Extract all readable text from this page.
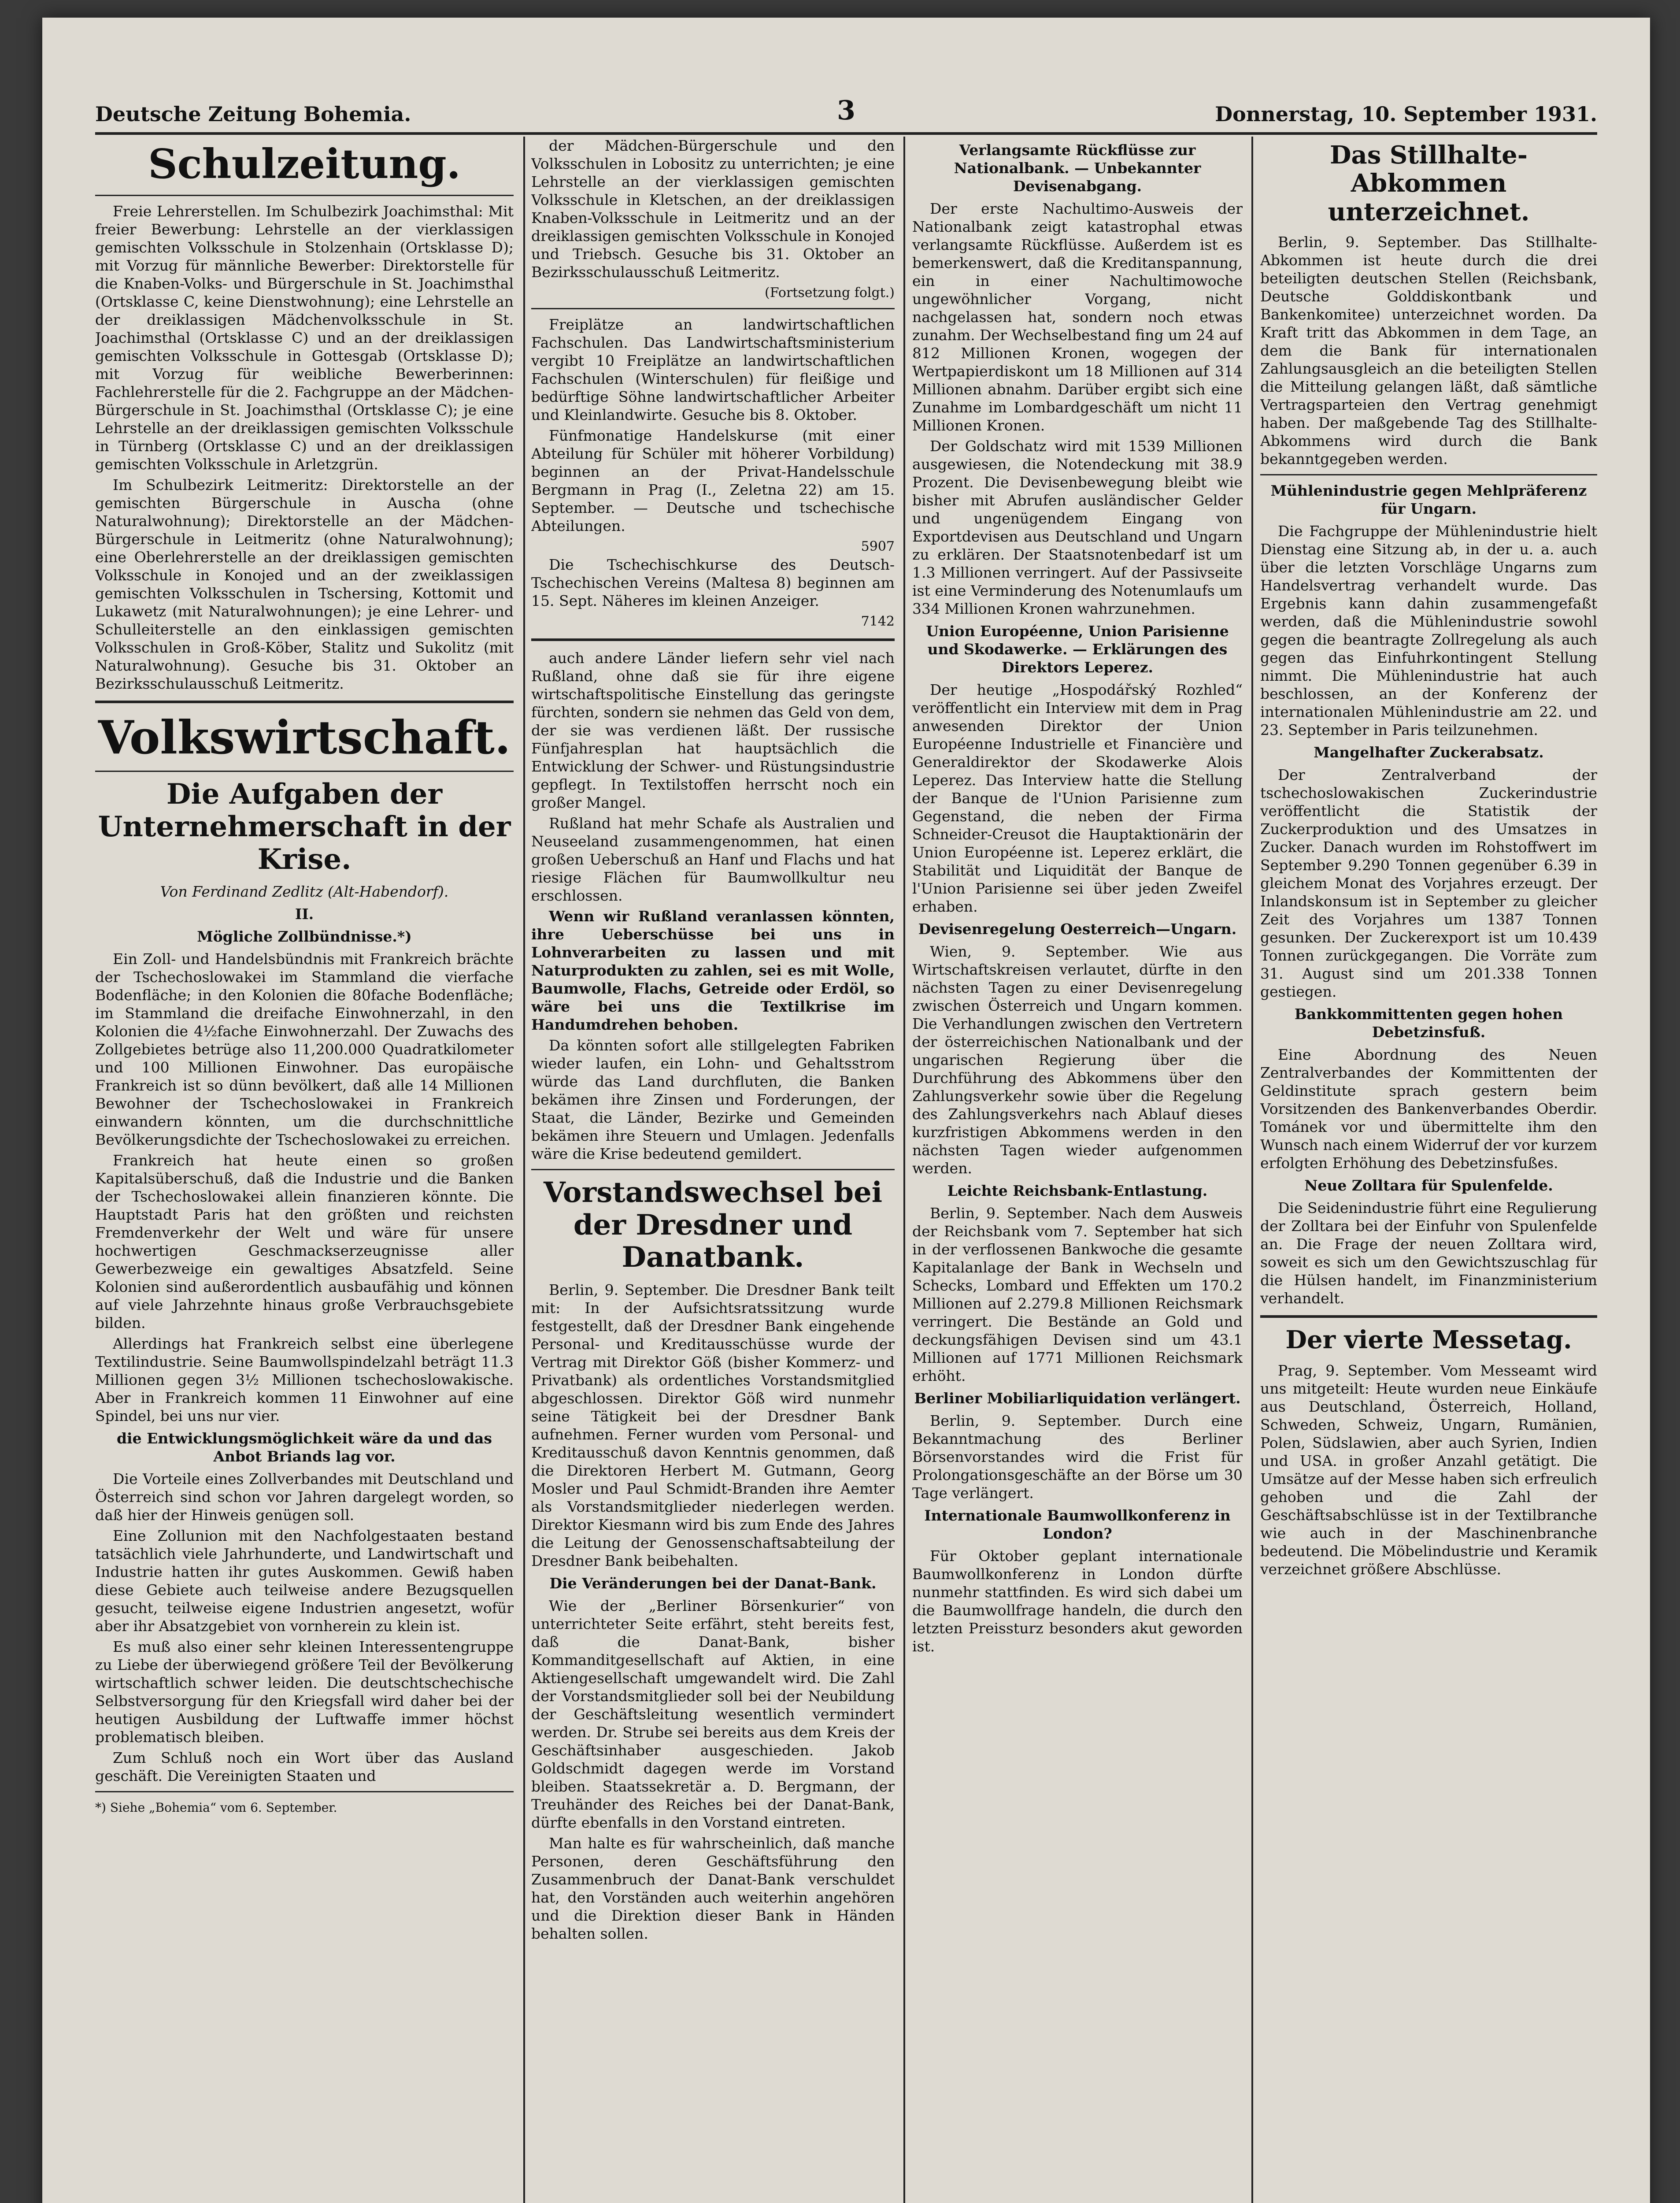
Deutsche Zeitung Bohemia.	3	Donnerstag, 10. September 1931.
Schulzeitung.

Freie Lehrerstellen. Im Schulbezirk Joachimsthal: Mit freier Bewerbung: Lehrstelle an der vierklassigen gemischten Volksschule in Stolzenhain (Ortsklasse D); mit Vorzug für männliche Bewerber: Direktorstelle für die Knaben-Volks- und Bürgerschule in St. Joachimsthal (Ortsklasse C, keine Dienstwohnung); eine Lehrstelle an der dreiklassigen Mädchenvolksschule in St. Joachimsthal (Ortsklasse C) und an der dreiklassigen gemischten Volksschule in Gottesgab (Ortsklasse D); mit Vorzug für weibliche Bewerberinnen: Fachlehrerstelle für die 2. Fachgruppe an der Mädchen-Bürgerschule in St. Joachimsthal (Ortsklasse C); je eine Lehrstelle an der dreiklassigen gemischten Volksschule in Türnberg (Ortsklasse C) und an der dreiklassigen gemischten Volksschule in Arletzgrün.

Im Schulbezirk Leitmeritz: Direktorstelle an der gemischten Bürgerschule in Auscha (ohne Naturalwohnung); Direktorstelle an der Mädchen-Bürgerschule in Leitmeritz (ohne Naturalwohnung); eine Oberlehrerstelle an der dreiklassigen gemischten Volksschule in Konojed und an der zweiklassigen gemischten Volksschulen in Tschersing, Kottomit und Lukawetz (mit Naturalwohnungen); je eine Lehrer- und Schulleiterstelle an den einklassigen gemischten Volksschulen in Groß-Köber, Stalitz und Sukolitz (mit Naturalwohnung). Gesuche bis 31. Oktober an Bezirksschulausschuß Leitmeritz.

Volkswirtschaft.
Die Aufgaben der Unternehmerschaft in der Krise.
Von Ferdinand Zedlitz (Alt-Habendorf).
II.
Mögliche Zollbündnisse.*)

Ein Zoll- und Handelsbündnis mit Frankreich brächte der Tschechoslowakei im Stammland die vierfache Bodenfläche; in den Kolonien die 80fache Bodenfläche; im Stammland die dreifache Einwohnerzahl, in den Kolonien die 4½fache Einwohnerzahl. Der Zuwachs des Zollgebietes betrüge also 11,200.000 Quadratkilometer und 100 Millionen Einwohner. Das europäische Frankreich ist so dünn bevölkert, daß alle 14 Millionen Bewohner der Tschechoslowakei in Frankreich einwandern könnten, um die durchschnittliche Bevölkerungsdichte der Tschechoslowakei zu erreichen.

Frankreich hat heute einen so großen Kapitalsüberschuß, daß die Industrie und die Banken der Tschechoslowakei allein finanzieren könnte. Die Hauptstadt Paris hat den größten und reichsten Fremdenverkehr der Welt und wäre für unsere hochwertigen Geschmackserzeugnisse aller Gewerbezweige ein gewaltiges Absatzfeld. Seine Kolonien sind außerordentlich ausbaufähig und können auf viele Jahrzehnte hinaus große Verbrauchsgebiete bilden.

Allerdings hat Frankreich selbst eine überlegene Textilindustrie. Seine Baumwollspindelzahl beträgt 11.3 Millionen gegen 3½ Millionen tschechoslowakische. Aber in Frankreich kommen 11 Einwohner auf eine Spindel, bei uns nur vier.

die Entwicklungsmöglichkeit wäre da und das Anbot Briands lag vor.

Die Vorteile eines Zollverbandes mit Deutschland und Österreich sind schon vor Jahren dargelegt worden, so daß hier der Hinweis genügen soll.

Eine Zollunion mit den Nachfolgestaaten bestand tatsächlich viele Jahrhunderte, und Landwirtschaft und Industrie hatten ihr gutes Auskommen. Gewiß haben diese Gebiete auch teilweise andere Bezugsquellen gesucht, teilweise eigene Industrien angesetzt, wofür aber ihr Absatzgebiet von vornherein zu klein ist.

Es muß also einer sehr kleinen Interessentengruppe zu Liebe der überwiegend größere Teil der Bevölkerung wirtschaftlich schwer leiden. Die deutschtschechische Selbstversorgung für den Kriegsfall wird daher bei der heutigen Ausbildung der Luftwaffe immer höchst problematisch bleiben.

Zum Schluß noch ein Wort über das Ausland geschäft. Die Vereinigten Staaten und

*) Siehe „Bohemia“ vom 6. September.

der Mädchen-Bürgerschule und den Volksschulen in Lobositz zu unterrichten; je eine Lehrstelle an der vierklassigen gemischten Volksschule in Kletschen, an der dreiklassigen Knaben-Volksschule in Leitmeritz und an der dreiklassigen gemischten Volksschule in Konojed und Triebsch. Gesuche bis 31. Oktober an Bezirksschulausschuß Leitmeritz.

(Fortsetzung folgt.)

Freiplätze an landwirtschaftlichen Fachschulen. Das Landwirtschaftsministerium vergibt 10 Freiplätze an landwirtschaftlichen Fachschulen (Winterschulen) für fleißige und bedürftige Söhne landwirtschaftlicher Arbeiter und Kleinlandwirte. Gesuche bis 8. Oktober.

Fünfmonatige Handelskurse (mit einer Abteilung für Schüler mit höherer Vorbildung) beginnen an der Privat-Handelsschule Bergmann in Prag (I., Zeletna 22) am 15. September. — Deutsche und tschechische Abteilungen.

5907

Die Tschechischkurse des Deutsch-Tschechischen Vereins (Maltesa 8) beginnen am 15. Sept. Näheres im kleinen Anzeiger.

7142

auch andere Länder liefern sehr viel nach Rußland, ohne daß sie für ihre eigene wirtschaftspolitische Einstellung das geringste fürchten, sondern sie nehmen das Geld von dem, der sie was verdienen läßt. Der russische Fünfjahresplan hat hauptsächlich die Entwicklung der Schwer- und Rüstungsindustrie gepflegt. In Textilstoffen herrscht noch ein großer Mangel.

Rußland hat mehr Schafe als Australien und Neuseeland zusammengenommen, hat einen großen Ueberschuß an Hanf und Flachs und hat riesige Flächen für Baumwollkultur neu erschlossen.

Wenn wir Rußland veranlassen könnten, ihre Ueberschüsse bei uns in Lohnverarbeiten zu lassen und mit Naturprodukten zu zahlen, sei es mit Wolle, Baumwolle, Flachs, Getreide oder Erdöl, so wäre bei uns die Textilkrise im Handumdrehen behoben.

Da könnten sofort alle stillgelegten Fabriken wieder laufen, ein Lohn- und Gehaltsstrom würde das Land durchfluten, die Banken bekämen ihre Zinsen und Forderungen, der Staat, die Länder, Bezirke und Gemeinden bekämen ihre Steuern und Umlagen. Jedenfalls wäre die Krise bedeutend gemildert.

Vorstandswechsel bei der Dresdner und Danatbank.

Berlin, 9. September. Die Dresdner Bank teilt mit: In der Aufsichtsratssitzung wurde festgestellt, daß der Dresdner Bank eingehende Personal- und Kreditausschüsse wurde der Vertrag mit Direktor Göß (bisher Kommerz- und Privatbank) als ordentliches Vorstandsmitglied abgeschlossen. Direktor Göß wird nunmehr seine Tätigkeit bei der Dresdner Bank aufnehmen. Ferner wurden vom Personal- und Kreditausschuß davon Kenntnis genommen, daß die Direktoren Herbert M. Gutmann, Georg Mosler und Paul Schmidt-Branden ihre Aemter als Vorstandsmitglieder niederlegen werden. Direktor Kiesmann wird bis zum Ende des Jahres die Leitung der Genossenschaftsabteilung der Dresdner Bank beibehalten.

Die Veränderungen bei der Danat-Bank.

Wie der „Berliner Börsenkurier“ von unterrichteter Seite erfährt, steht bereits fest, daß die Danat-Bank, bisher Kommanditgesellschaft auf Aktien, in eine Aktiengesellschaft umgewandelt wird. Die Zahl der Vorstandsmitglieder soll bei der Neubildung der Geschäftsleitung wesentlich vermindert werden. Dr. Strube sei bereits aus dem Kreis der Geschäftsinhaber ausgeschieden. Jakob Goldschmidt dagegen werde im Vorstand bleiben. Staatssekretär a. D. Bergmann, der Treuhänder des Reiches bei der Danat-Bank, dürfte ebenfalls in den Vorstand eintreten.

Man halte es für wahrscheinlich, daß manche Personen, deren Geschäftsführung den Zusammenbruch der Danat-Bank verschuldet hat, den Vorständen auch weiterhin angehören und die Direktion dieser Bank in Händen behalten sollen.

Verlangsamte Rückflüsse zur Nationalbank. — Unbekannter Devisenabgang.

Der erste Nachultimo-Ausweis der Nationalbank zeigt katastrophal etwas verlangsamte Rückflüsse. Außerdem ist es bemerkenswert, daß die Kreditanspannung, ein in einer Nachultimowoche ungewöhnlicher Vorgang, nicht nachgelassen hat, sondern noch etwas zunahm. Der Wechselbestand fing um 24 auf 812 Millionen Kronen, wogegen der Wertpapierdiskont um 18 Millionen auf 314 Millionen abnahm. Darüber ergibt sich eine Zunahme im Lombardgeschäft um nicht 11 Millionen Kronen.

Der Goldschatz wird mit 1539 Millionen ausgewiesen, die Notendeckung mit 38.9 Prozent. Die Devisenbewegung bleibt wie bisher mit Abrufen ausländischer Gelder und ungenügendem Eingang von Exportdevisen aus Deutschland und Ungarn zu erklären. Der Staatsnotenbedarf ist um 1.3 Millionen verringert. Auf der Passivseite ist eine Verminderung des Notenumlaufs um 334 Millionen Kronen wahrzunehmen.

Union Européenne, Union Parisienne und Skodawerke. — Erklärungen des Direktors Leperez.

Der heutige „Hospodářský Rozhled“ veröffentlicht ein Interview mit dem in Prag anwesenden Direktor der Union Européenne Industrielle et Financière und Generaldirektor der Skodawerke Alois Leperez. Das Interview hatte die Stellung der Banque de l'Union Parisienne zum Gegenstand, die neben der Firma Schneider-Creusot die Hauptaktionärin der Union Européenne ist. Leperez erklärt, die Stabilität und Liquidität der Banque de l'Union Parisienne sei über jeden Zweifel erhaben.

Devisenregelung Oesterreich—Ungarn.

Wien, 9. September. Wie aus Wirtschaftskreisen verlautet, dürfte in den nächsten Tagen zu einer Devisenregelung zwischen Österreich und Ungarn kommen. Die Verhandlungen zwischen den Vertretern der österreichischen Nationalbank und der ungarischen Regierung über die Durchführung des Abkommens über den Zahlungsverkehr sowie über die Regelung des Zahlungsverkehrs nach Ablauf dieses kurzfristigen Abkommens werden in den nächsten Tagen wieder aufgenommen werden.

Leichte Reichsbank-Entlastung.

Berlin, 9. September. Nach dem Ausweis der Reichsbank vom 7. September hat sich in der verflossenen Bankwoche die gesamte Kapitalanlage der Bank in Wechseln und Schecks, Lombard und Effekten um 170.2 Millionen auf 2.279.8 Millionen Reichsmark verringert. Die Bestände an Gold und deckungsfähigen Devisen sind um 43.1 Millionen auf 1771 Millionen Reichsmark erhöht.

Berliner Mobiliarliquidation verlängert.

Berlin, 9. September. Durch eine Bekanntmachung des Berliner Börsenvorstandes wird die Frist für Prolongationsgeschäfte an der Börse um 30 Tage verlängert.

Internationale Baumwollkonferenz in London?

Für Oktober geplant internationale Baumwollkonferenz in London dürfte nunmehr stattfinden. Es wird sich dabei um die Baumwollfrage handeln, die durch den letzten Preissturz besonders akut geworden ist.

Das Stillhalte-Abkommen unterzeichnet.

Berlin, 9. September. Das Stillhalte-Abkommen ist heute durch die drei beteiligten deutschen Stellen (Reichsbank, Deutsche Golddiskontbank und Bankenkomitee) unterzeichnet worden. Da Kraft tritt das Abkommen in dem Tage, an dem die Bank für internationalen Zahlungsausgleich an die beteiligten Stellen die Mitteilung gelangen läßt, daß sämtliche Vertragsparteien den Vertrag genehmigt haben. Der maßgebende Tag des Stillhalte-Abkommens wird durch die Bank bekanntgegeben werden.

Mühlenindustrie gegen Mehlpräferenz für Ungarn.

Die Fachgruppe der Mühlenindustrie hielt Dienstag eine Sitzung ab, in der u. a. auch über die letzten Vorschläge Ungarns zum Handelsvertrag verhandelt wurde. Das Ergebnis kann dahin zusammengefaßt werden, daß die Mühlenindustrie sowohl gegen die beantragte Zollregelung als auch gegen das Einfuhrkontingent Stellung nimmt. Die Mühlenindustrie hat auch beschlossen, an der Konferenz der internationalen Mühlenindustrie am 22. und 23. September in Paris teilzunehmen.

Mangelhafter Zuckerabsatz.

Der Zentralverband der tschechoslowakischen Zuckerindustrie veröffentlicht die Statistik der Zuckerproduktion und des Umsatzes in Zucker. Danach wurden im Rohstoffwert im September 9.290 Tonnen gegenüber 6.39 in gleichem Monat des Vorjahres erzeugt. Der Inlandskonsum ist in September zu gleicher Zeit des Vorjahres um 1387 Tonnen gesunken. Der Zuckerexport ist um 10.439 Tonnen zurückgegangen. Die Vorräte zum 31. August sind um 201.338 Tonnen gestiegen.

Bankkommittenten gegen hohen Debetzinsfuß.

Eine Abordnung des Neuen Zentralverbandes der Kommittenten der Geldinstitute sprach gestern beim Vorsitzenden des Bankenverbandes Oberdir. Tománek vor und übermittelte ihm den Wunsch nach einem Widerruf der vor kurzem erfolgten Erhöhung des Debetzinsfußes.

Neue Zolltara für Spulenfelde.

Die Seidenindustrie führt eine Regulierung der Zolltara bei der Einfuhr von Spulenfelde an. Die Frage der neuen Zolltara wird, soweit es sich um den Gewichtszuschlag für die Hülsen handelt, im Finanzministerium verhandelt.

Der vierte Messetag.

Prag, 9. September. Vom Messeamt wird uns mitgeteilt: Heute wurden neue Einkäufe aus Deutschland, Österreich, Holland, Schweden, Schweiz, Ungarn, Rumänien, Polen, Südslawien, aber auch Syrien, Indien und USA. in großer Anzahl getätigt. Die Umsätze auf der Messe haben sich erfreulich gehoben und die Zahl der Geschäftsabschlüsse ist in der Textilbranche wie auch in der Maschinenbranche bedeutend. Die Möbelindustrie und Keramik verzeichnet größere Abschlüsse.
